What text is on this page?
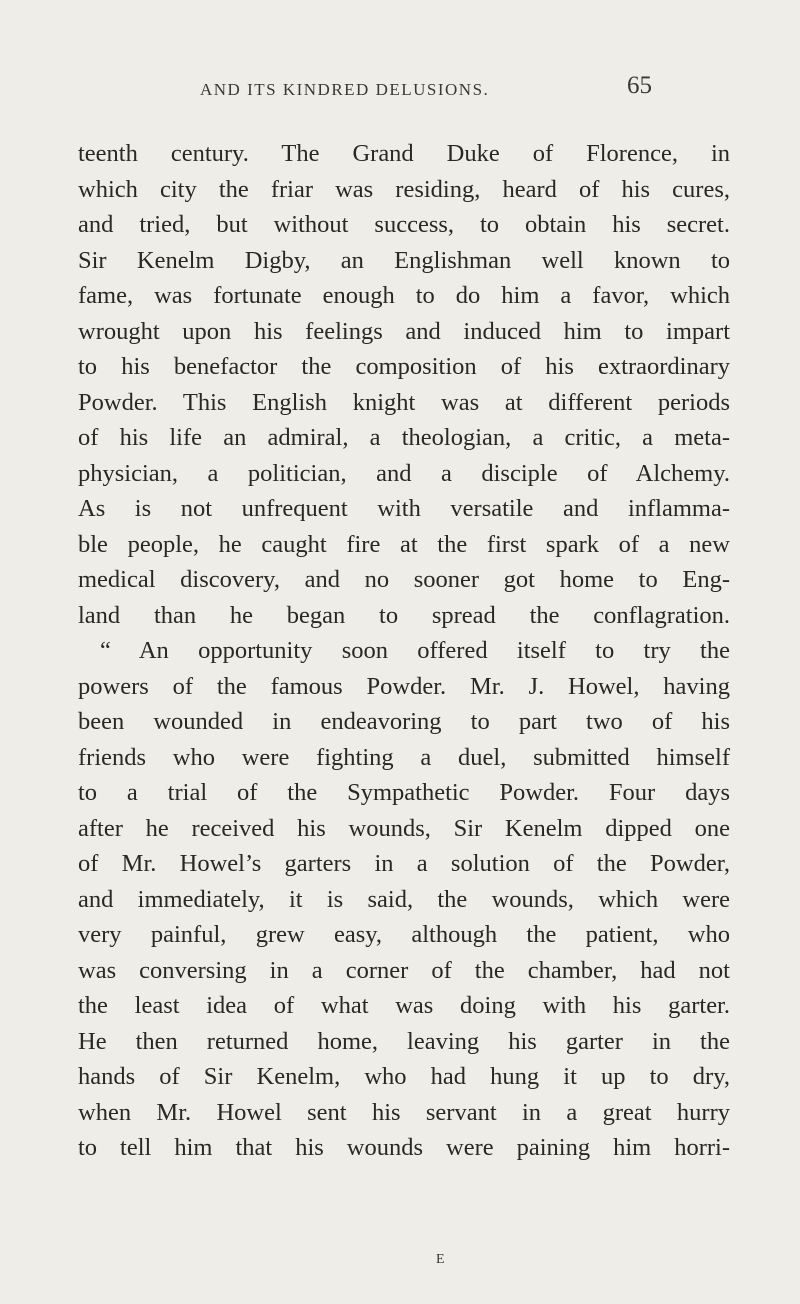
AND ITS KINDRED DELUSIONS.	65
teenth century. The Grand Duke of Florence, in
which city the friar was residing, heard of his cures,
and tried, but without success, to obtain his secret.
Sir Kenelm Digby, an Englishman well known to
fame, was fortunate enough to do him a favor, which
wrought upon his feelings and induced him to impart
to his benefactor the composition of his extraordinary
Powder. This English knight was at different periods
of his life an admiral, a theologian, a critic, a meta-
physician, a politician, and a disciple of Alchemy.
As is not unfrequent with versatile and inflamma-
ble people, he caught fire at the first spark of a new
medical discovery, and no sooner got home to Eng-
land than he began to spread the conflagration.
“ An opportunity soon offered itself to try the
powers of the famous Powder. Mr. J. Howel, having
been wounded in endeavoring to part two of his
friends who were fighting a duel, submitted himself
to a trial of the Sympathetic Powder. Four days
after he received his wounds, Sir Kenelm dipped one
of Mr. Howel’s garters in a solution of the Powder,
and immediately, it is said, the wounds, which were
very painful, grew easy, although the patient, who
was conversing in a corner of the chamber, had not
the least idea of what was doing with his garter.
He then returned home, leaving his garter in the
hands of Sir Kenelm, who had hung it up to dry,
when Mr. Howel sent his servant in a great hurry
to tell him that his wounds were paining him horri-
E
